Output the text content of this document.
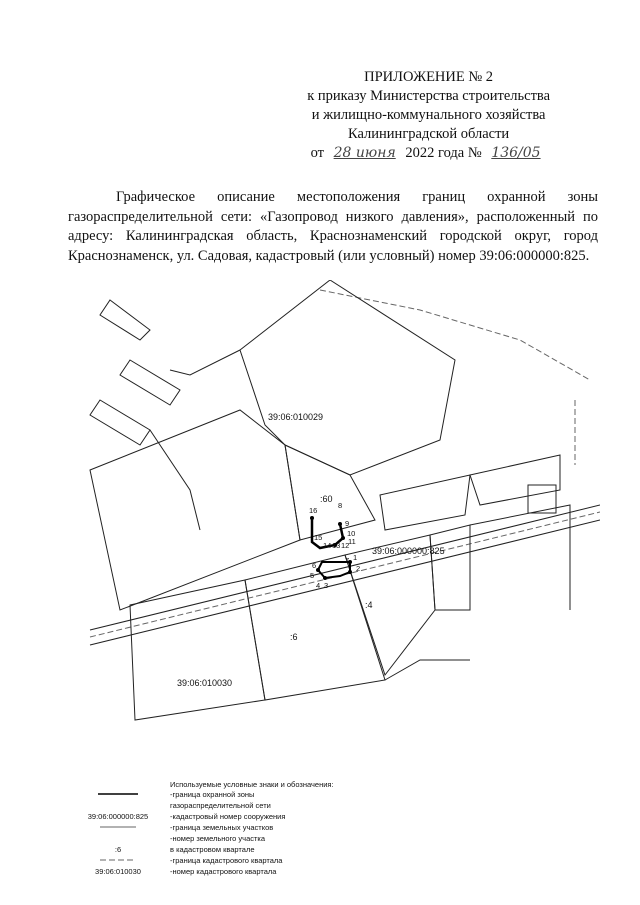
ПРИЛОЖЕНИЕ № 2
к приказу Министерства строительства
и жилищно-коммунального хозяйства
Калининградской области
от 28 июня 2022 года № 136/05
Графическое описание местоположения границ охранной зоны газораспределительной сети: «Газопровод низкого давления», расположенный по адресу: Калининградская область, Краснознаменский городской округ, город Краснознаменск, ул. Садовая, кадастровый (или условный) номер 39:06:000000:825.
16
8
9
10
11
15
14 13 12
1
2
6
5
4 3
7
39:06:010029
:60
39:06:000000:825
:4
:6
39:06:010030
Используемые условные знаки и обозначения:
-граница охранной зоны
газораспределительной сети
39:06:000000:825	-кадастровый номер сооружения
-граница земельных участков
-номер земельного участка
:6	в кадастровом квартале
-граница кадастрового квартала
39:06:010030	-номер кадастрового квартала
